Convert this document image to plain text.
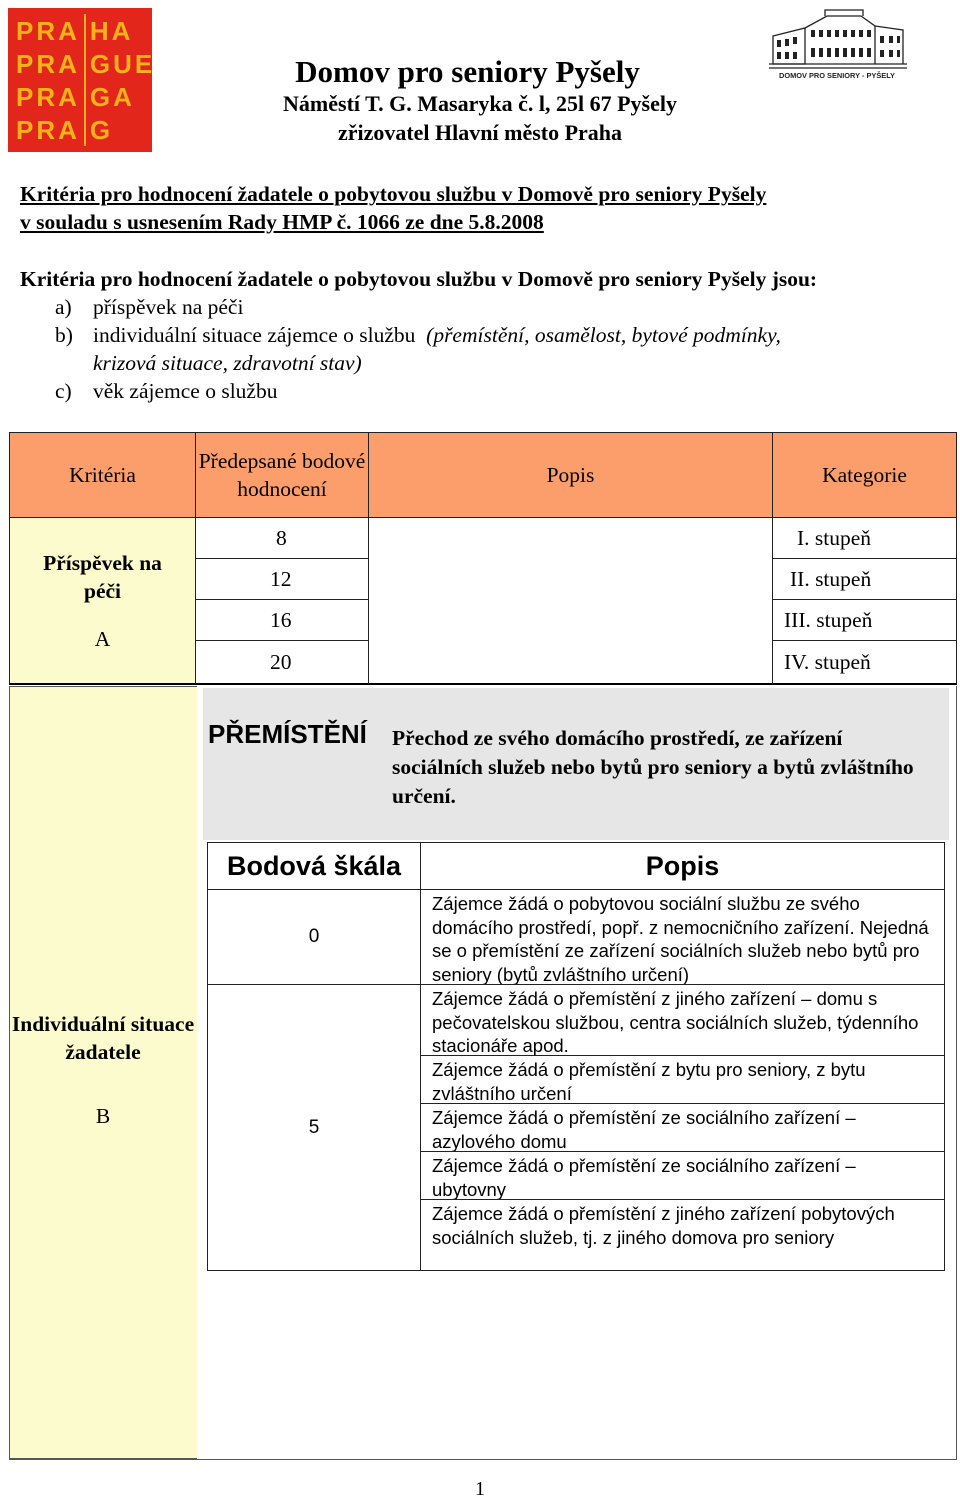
PRA HA
PRA GUE
PRA GA
PRA G
Domov pro seniory Pyšely
Náměstí T. G. Masaryka č. l, 25l 67 Pyšely
zřizovatel Hlavní město Praha
DOMOV PRO SENIORY - PYŠELY
Kritéria pro hodnocení žadatele o pobytovou službu v Domově pro seniory Pyšely
v souladu s usnesením Rady HMP č. 1066 ze dne 5.8.2008
Kritéria pro hodnocení žadatele o pobytovou službu v Domově pro seniory Pyšely jsou:
a) příspěvek na péči
b) individuální situace zájemce o službu (přemístění, osamělost, bytové podmínky,
krizová situace, zdravotní stav)
c) věk zájemce o službu
Kritéria
Předepsané bodové hodnocení
Popis	Kategorie
Příspěvek na péči
A
8
12
16
20
I. stupeň
II. stupeň
III. stupeň
IV. stupeň
Individuální situace žadatele
B
PŘEMÍSTĚNÍ Přechod ze svého domácího prostředí, ze zařízení sociálních služeb nebo bytů pro seniory a bytů zvláštního určení.
Bodová škála	Popis
0
Zájemce žádá o pobytovou sociální službu ze svého domácího prostředí, popř. z nemocničního zařízení. Nejedná se o přemístění ze zařízení sociálních služeb nebo bytů pro seniory (bytů zvláštního určení)
5
Zájemce žádá o přemístění z jiného zařízení – domu s pečovatelskou službou, centra sociálních služeb, týdenního stacionáře apod.
Zájemce žádá o přemístění z bytu pro seniory, z bytu zvláštního určení
Zájemce žádá o přemístění ze sociálního zařízení – azylového domu
Zájemce žádá o přemístění ze sociálního zařízení – ubytovny
Zájemce žádá o přemístění z jiného zařízení pobytových sociálních služeb, tj. z jiného domova pro seniory
1
